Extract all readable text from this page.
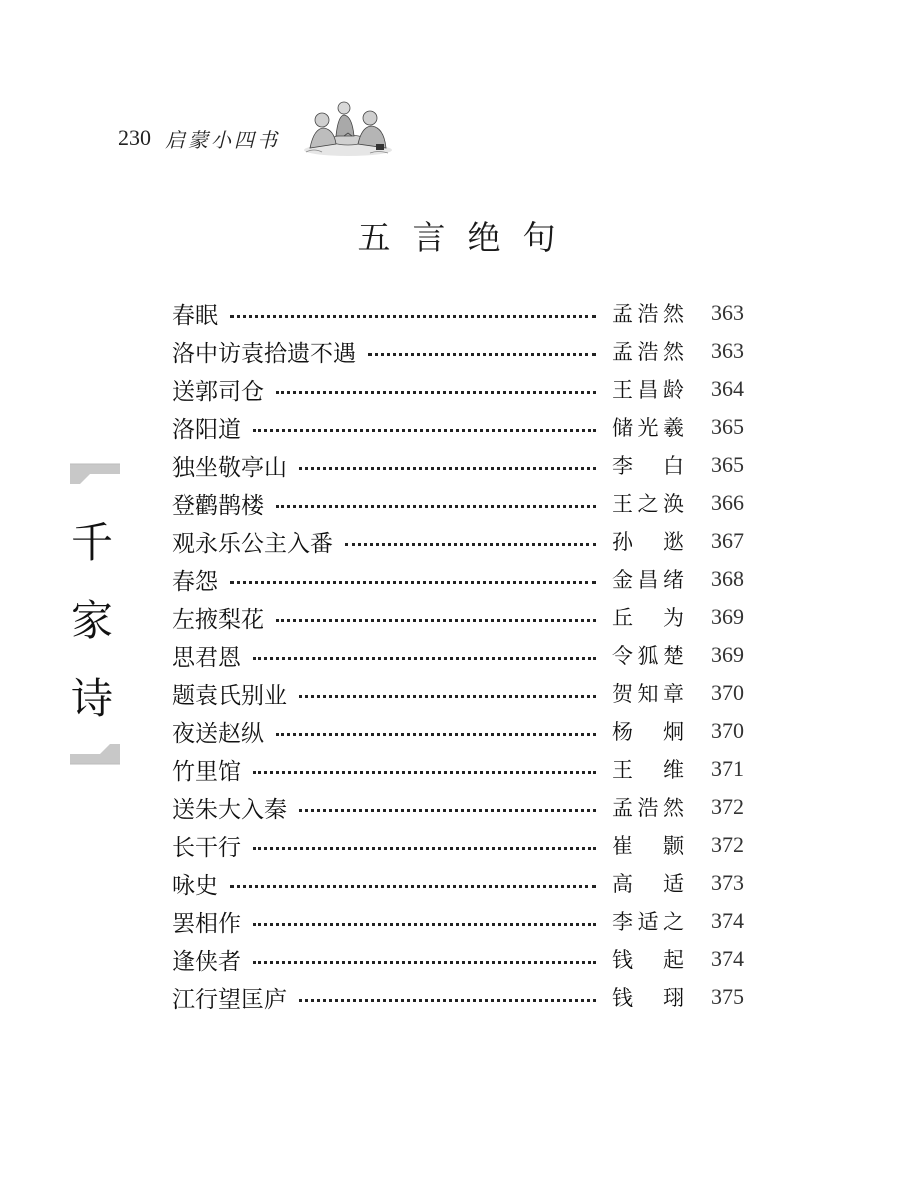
230 启蒙小四书
五言绝句
千
家
诗
春眠	孟浩然	363
洛中访袁拾遗不遇	孟浩然	363
送郭司仓	王昌龄	364
洛阳道	储光羲	365
独坐敬亭山	李白	365
登鹳鹊楼	王之涣	366
观永乐公主入番	孙逖	367
春怨	金昌绪	368
左掖梨花	丘为	369
思君恩	令狐楚	369
题袁氏别业	贺知章	370
夜送赵纵	杨炯	370
竹里馆	王维	371
送朱大入秦	孟浩然	372
长干行	崔颢	372
咏史	高适	373
罢相作	李适之	374
逢侠者	钱起	374
江行望匡庐	钱珝	375
